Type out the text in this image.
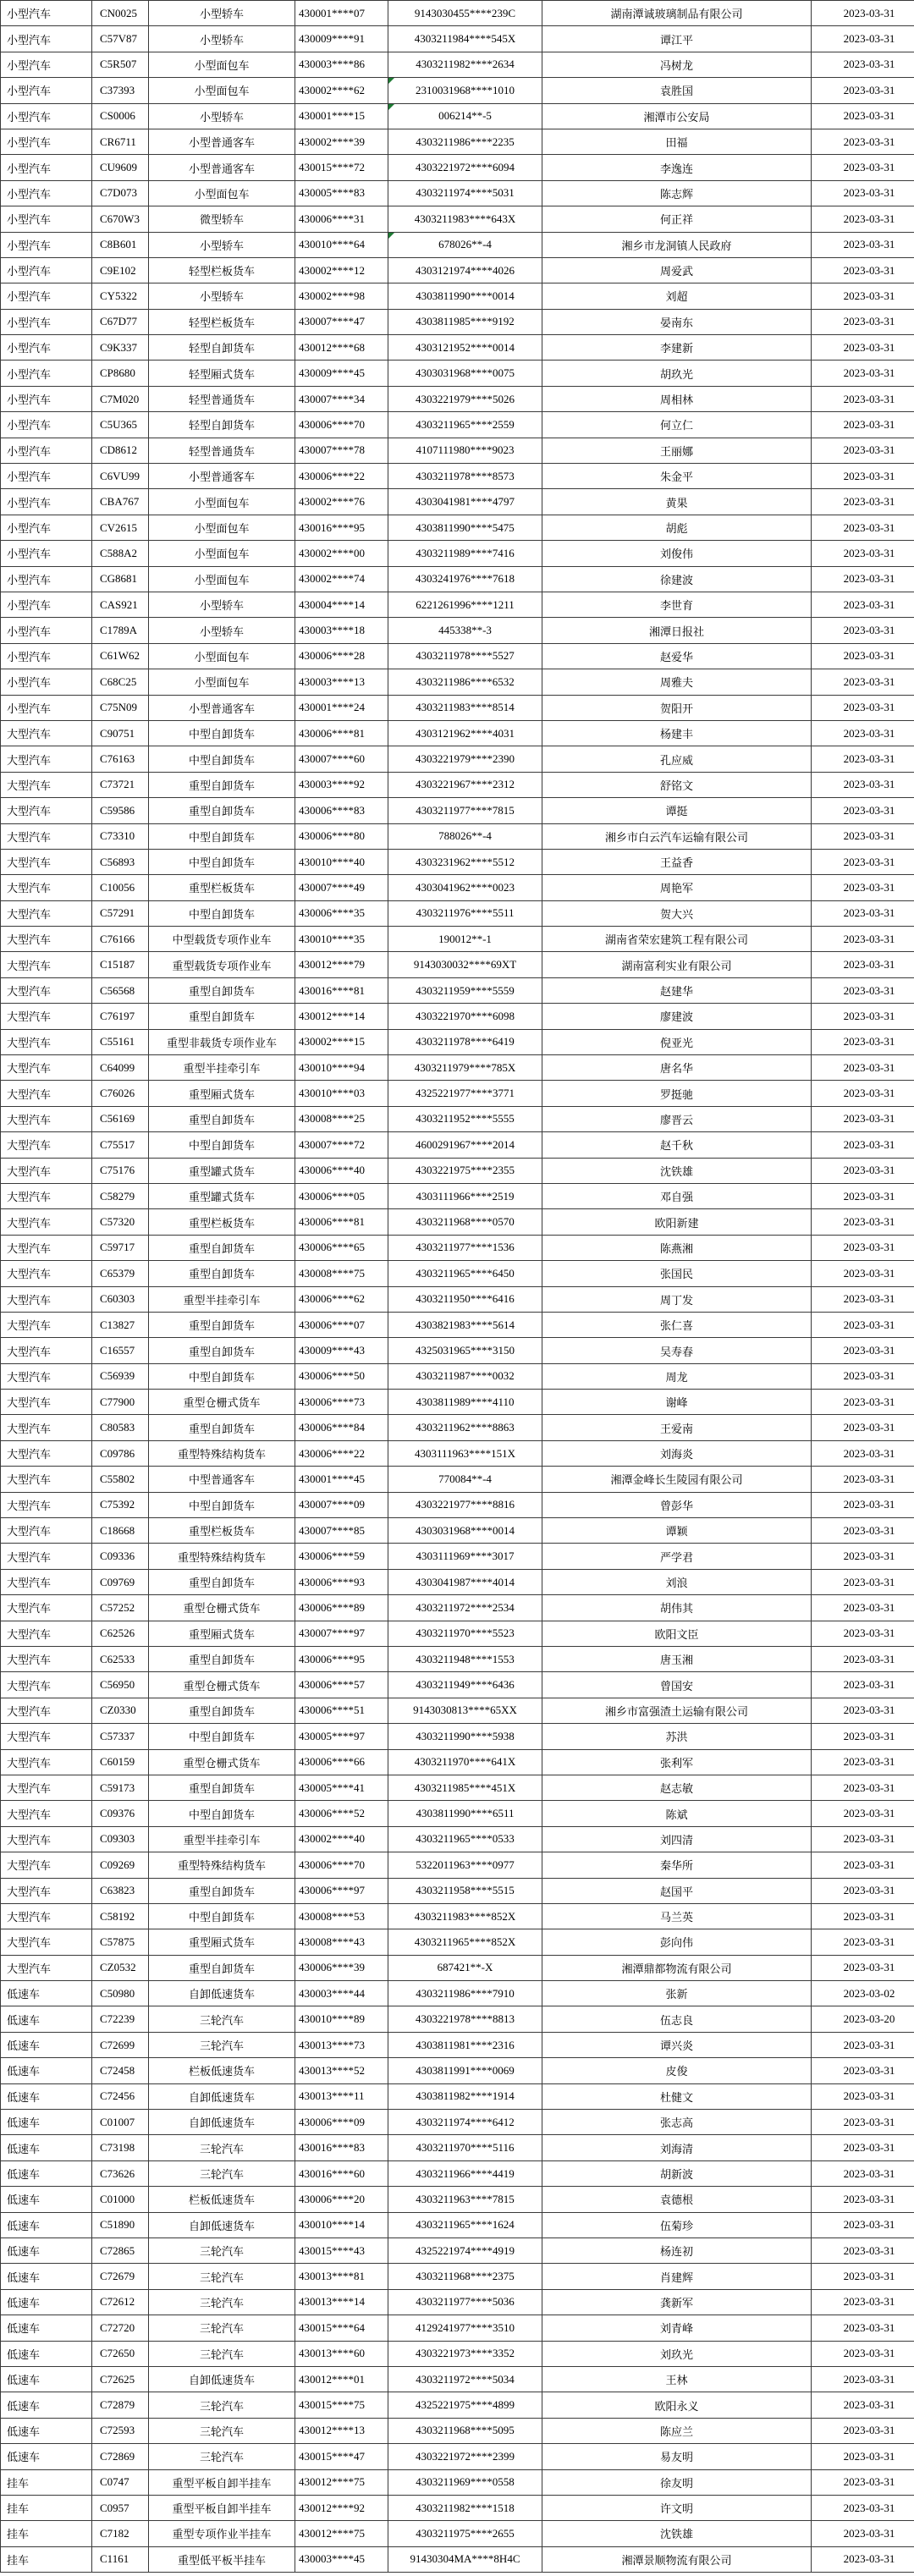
小型汽车	CN0025	小型轿车	430001****07	9143030455****239C	湖南潭诚玻璃制品有限公司	2023-03-31
小型汽车	C57V87	小型轿车	430009****91	4303211984****545X	谭江平	2023-03-31
小型汽车	C5R507	小型面包车	430003****86	4303211982****2634	冯树龙	2023-03-31
小型汽车	C37393	小型面包车	430002****62	2310031968****1010	袁胜国	2023-03-31
小型汽车	CS0006	小型轿车	430001****15	006214**-5	湘潭市公安局	2023-03-31
小型汽车	CR6711	小型普通客车	430002****39	4303211986****2235	田福	2023-03-31
小型汽车	CU9609	小型普通客车	430015****72	4303221972****6094	李逸连	2023-03-31
小型汽车	C7D073	小型面包车	430005****83	4303211974****5031	陈志辉	2023-03-31
小型汽车	C670W3	微型轿车	430006****31	4303211983****643X	何正祥	2023-03-31
小型汽车	C8B601	小型轿车	430010****64	678026**-4	湘乡市龙洞镇人民政府	2023-03-31
小型汽车	C9E102	轻型栏板货车	430002****12	4303121974****4026	周爱武	2023-03-31
小型汽车	CY5322	小型轿车	430002****98	4303811990****0014	刘超	2023-03-31
小型汽车	C67D77	轻型栏板货车	430007****47	4303811985****9192	晏南东	2023-03-31
小型汽车	C9K337	轻型自卸货车	430012****68	4303121952****0014	李建新	2023-03-31
小型汽车	CP8680	轻型厢式货车	430009****45	4303031968****0075	胡玖光	2023-03-31
小型汽车	C7M020	轻型普通货车	430007****34	4303221979****5026	周相林	2023-03-31
小型汽车	C5U365	轻型自卸货车	430006****70	4303211965****2559	何立仁	2023-03-31
小型汽车	CD8612	轻型普通货车	430007****78	4107111980****9023	王丽娜	2023-03-31
小型汽车	C6VU99	小型普通客车	430006****22	4303211978****8573	朱金平	2023-03-31
小型汽车	CBA767	小型面包车	430002****76	4303041981****4797	黄果	2023-03-31
小型汽车	CV2615	小型面包车	430016****95	4303811990****5475	胡彪	2023-03-31
小型汽车	C588A2	小型面包车	430002****00	4303211989****7416	刘俊伟	2023-03-31
小型汽车	CG8681	小型面包车	430002****74	4303241976****7618	徐建波	2023-03-31
小型汽车	CAS921	小型轿车	430004****14	6221261996****1211	李世育	2023-03-31
小型汽车	C1789A	小型轿车	430003****18	445338**-3	湘潭日报社	2023-03-31
小型汽车	C61W62	小型面包车	430006****28	4303211978****5527	赵爱华	2023-03-31
小型汽车	C68C25	小型面包车	430003****13	4303211986****6532	周雅夫	2023-03-31
小型汽车	C75N09	小型普通客车	430001****24	4303211983****8514	贺阳开	2023-03-31
大型汽车	C90751	中型自卸货车	430006****81	4303121962****4031	杨建丰	2023-03-31
大型汽车	C76163	中型自卸货车	430007****60	4303221979****2390	孔应威	2023-03-31
大型汽车	C73721	重型自卸货车	430003****92	4303221967****2312	舒铭文	2023-03-31
大型汽车	C59586	重型自卸货车	430006****83	4303211977****7815	谭挺	2023-03-31
大型汽车	C73310	中型自卸货车	430006****80	788026**-4	湘乡市白云汽车运输有限公司	2023-03-31
大型汽车	C56893	中型自卸货车	430010****40	4303231962****5512	王益香	2023-03-31
大型汽车	C10056	重型栏板货车	430007****49	4303041962****0023	周艳军	2023-03-31
大型汽车	C57291	中型自卸货车	430006****35	4303211976****5511	贺大兴	2023-03-31
大型汽车	C76166	中型载货专项作业车	430010****35	190012**-1	湖南省荣宏建筑工程有限公司	2023-03-31
大型汽车	C15187	重型载货专项作业车	430012****79	9143030032****69XT	湖南富利实业有限公司	2023-03-31
大型汽车	C56568	重型自卸货车	430016****81	4303211959****5559	赵建华	2023-03-31
大型汽车	C76197	重型自卸货车	430012****14	4303221970****6098	廖建波	2023-03-31
大型汽车	C55161	重型非载货专项作业车	430002****15	4303211978****6419	倪亚光	2023-03-31
大型汽车	C64099	重型半挂牵引车	430010****94	4303211979****785X	唐名华	2023-03-31
大型汽车	C76026	重型厢式货车	430010****03	4325221977****3771	罗挺驰	2023-03-31
大型汽车	C56169	重型自卸货车	430008****25	4303211952****5555	廖晋云	2023-03-31
大型汽车	C75517	中型自卸货车	430007****72	4600291967****2014	赵千秋	2023-03-31
大型汽车	C75176	重型罐式货车	430006****40	4303221975****2355	沈铁雄	2023-03-31
大型汽车	C58279	重型罐式货车	430006****05	4303111966****2519	邓自强	2023-03-31
大型汽车	C57320	重型栏板货车	430006****81	4303211968****0570	欧阳新建	2023-03-31
大型汽车	C59717	重型自卸货车	430006****65	4303211977****1536	陈燕湘	2023-03-31
大型汽车	C65379	重型自卸货车	430008****75	4303211965****6450	张国民	2023-03-31
大型汽车	C60303	重型半挂牵引车	430006****62	4303211950****6416	周丁发	2023-03-31
大型汽车	C13827	重型自卸货车	430006****07	4303821983****5614	张仁喜	2023-03-31
大型汽车	C16557	重型自卸货车	430009****43	4325031965****3150	吴寿春	2023-03-31
大型汽车	C56939	中型自卸货车	430006****50	4303211987****0032	周龙	2023-03-31
大型汽车	C77900	重型仓栅式货车	430006****73	4303811989****4110	谢峰	2023-03-31
大型汽车	C80583	重型自卸货车	430006****84	4303211962****8863	王爱南	2023-03-31
大型汽车	C09786	重型特殊结构货车	430006****22	4303111963****151X	刘海炎	2023-03-31
大型汽车	C55802	中型普通客车	430001****45	770084**-4	湘潭金峰长生陵园有限公司	2023-03-31
大型汽车	C75392	中型自卸货车	430007****09	4303221977****8816	曾彭华	2023-03-31
大型汽车	C18668	重型栏板货车	430007****85	4303031968****0014	谭颖	2023-03-31
大型汽车	C09336	重型特殊结构货车	430006****59	4303111969****3017	严学君	2023-03-31
大型汽车	C09769	重型自卸货车	430006****93	4303041987****4014	刘浪	2023-03-31
大型汽车	C57252	重型仓栅式货车	430006****89	4303211972****2534	胡伟其	2023-03-31
大型汽车	C62526	重型厢式货车	430007****97	4303211970****5523	欧阳文臣	2023-03-31
大型汽车	C62533	重型自卸货车	430006****95	4303211948****1553	唐玉湘	2023-03-31
大型汽车	C56950	重型仓栅式货车	430006****57	4303211949****6436	曾国安	2023-03-31
大型汽车	CZ0330	重型自卸货车	430006****51	9143030813****65XX	湘乡市富强渣土运输有限公司	2023-03-31
大型汽车	C57337	中型自卸货车	430005****97	4303211990****5938	苏洪	2023-03-31
大型汽车	C60159	重型仓栅式货车	430006****66	4303211970****641X	张利军	2023-03-31
大型汽车	C59173	重型自卸货车	430005****41	4303211985****451X	赵志敏	2023-03-31
大型汽车	C09376	中型自卸货车	430006****52	4303811990****6511	陈斌	2023-03-31
大型汽车	C09303	重型半挂牵引车	430002****40	4303211965****0533	刘四清	2023-03-31
大型汽车	C09269	重型特殊结构货车	430006****70	5322011963****0977	秦华所	2023-03-31
大型汽车	C63823	重型自卸货车	430006****97	4303211958****5515	赵国平	2023-03-31
大型汽车	C58192	中型自卸货车	430008****53	4303211983****852X	马兰英	2023-03-31
大型汽车	C57875	重型厢式货车	430008****43	4303211965****852X	彭向伟	2023-03-31
大型汽车	CZ0532	重型自卸货车	430006****39	687421**-X	湘潭鼎都物流有限公司	2023-03-31
低速车	C50980	自卸低速货车	430003****44	4303211986****7910	张新	2023-03-02
低速车	C72239	三轮汽车	430010****89	4303221978****8813	伍志良	2023-03-20
低速车	C72699	三轮汽车	430013****73	4303811981****2316	谭兴炎	2023-03-31
低速车	C72458	栏板低速货车	430013****52	4303811991****0069	皮俊	2023-03-31
低速车	C72456	自卸低速货车	430013****11	4303811982****1914	杜健文	2023-03-31
低速车	C01007	自卸低速货车	430006****09	4303211974****6412	张志高	2023-03-31
低速车	C73198	三轮汽车	430016****83	4303211970****5116	刘海清	2023-03-31
低速车	C73626	三轮汽车	430016****60	4303211966****4419	胡新波	2023-03-31
低速车	C01000	栏板低速货车	430006****20	4303211963****7815	袁德根	2023-03-31
低速车	C51890	自卸低速货车	430010****14	4303211965****1624	伍菊珍	2023-03-31
低速车	C72865	三轮汽车	430015****43	4325221974****4919	杨连初	2023-03-31
低速车	C72679	三轮汽车	430013****81	4303211968****2375	肖建辉	2023-03-31
低速车	C72612	三轮汽车	430013****14	4303211977****5036	龚新军	2023-03-31
低速车	C72720	三轮汽车	430015****64	4129241977****3510	刘青峰	2023-03-31
低速车	C72650	三轮汽车	430013****60	4303221973****3352	刘玖光	2023-03-31
低速车	C72625	自卸低速货车	430012****01	4303211972****5034	王林	2023-03-31
低速车	C72879	三轮汽车	430015****75	4325221975****4899	欧阳永义	2023-03-31
低速车	C72593	三轮汽车	430012****13	4303211968****5095	陈应兰	2023-03-31
低速车	C72869	三轮汽车	430015****47	4303221972****2399	易友明	2023-03-31
挂车	C0747	重型平板自卸半挂车	430012****75	4303211969****0558	徐友明	2023-03-31
挂车	C0957	重型平板自卸半挂车	430012****92	4303211982****1518	许文明	2023-03-31
挂车	C7182	重型专项作业半挂车	430012****75	4303211975****2655	沈铁雄	2023-03-31
挂车	C1161	重型低平板半挂车	430003****45	91430304MA****8H4C	湘潭景顺物流有限公司	2023-03-31
